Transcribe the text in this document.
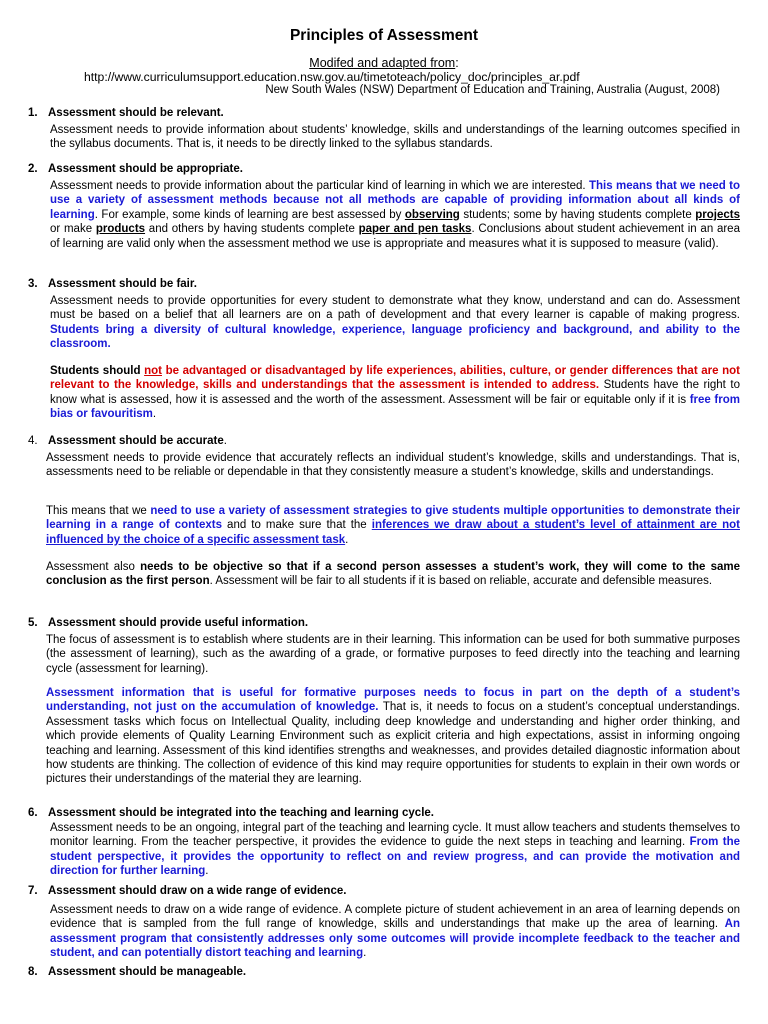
Principles of Assessment
Modifed and adapted from:
http://www.curriculumsupport.education.nsw.gov.au/timetoteach/policy_doc/principles_ar.pdf
New South Wales (NSW) Department of Education and Training, Australia (August, 2008)
1. Assessment should be relevant.
Assessment needs to provide information about students’ knowledge, skills and understandings of the learning outcomes specified in the syllabus documents. That is, it needs to be directly linked to the syllabus standards.
2. Assessment should be appropriate.
Assessment needs to provide information about the particular kind of learning in which we are interested. This means that we need to use a variety of assessment methods because not all methods are capable of providing information about all kinds of learning. For example, some kinds of learning are best assessed by observing students; some by having students complete projects or make products and others by having students complete paper and pen tasks. Conclusions about student achievement in an area of learning are valid only when the assessment method we use is appropriate and measures what it is supposed to measure (valid).
3. Assessment should be fair.
Assessment needs to provide opportunities for every student to demonstrate what they know, understand and can do. Assessment must be based on a belief that all learners are on a path of development and that every learner is capable of making progress. Students bring a diversity of cultural knowledge, experience, language proficiency and background, and ability to the classroom.
Students should not be advantaged or disadvantaged by life experiences, abilities, culture, or gender differences that are not relevant to the knowledge, skills and understandings that the assessment is intended to address. Students have the right to know what is assessed, how it is assessed and the worth of the assessment. Assessment will be fair or equitable only if it is free from bias or favouritism.
4. Assessment should be accurate.
Assessment needs to provide evidence that accurately reflects an individual student’s knowledge, skills and understandings. That is, assessments need to be reliable or dependable in that they consistently measure a student’s knowledge, skills and understandings.
This means that we need to use a variety of assessment strategies to give students multiple opportunities to demonstrate their learning in a range of contexts and to make sure that the inferences we draw about a student’s level of attainment are not influenced by the choice of a specific assessment task.
Assessment also needs to be objective so that if a second person assesses a student’s work, they will come to the same conclusion as the first person. Assessment will be fair to all students if it is based on reliable, accurate and defensible measures.
5. Assessment should provide useful information.
The focus of assessment is to establish where students are in their learning. This information can be used for both summative purposes (the assessment of learning), such as the awarding of a grade, or formative purposes to feed directly into the teaching and learning cycle (assessment for learning).
Assessment information that is useful for formative purposes needs to focus in part on the depth of a student’s understanding, not just on the accumulation of knowledge. That is, it needs to focus on a student’s conceptual understandings. Assessment tasks which focus on Intellectual Quality, including deep knowledge and understanding and higher order thinking, and which provide elements of Quality Learning Environment such as explicit criteria and high expectations, assist in informing ongoing teaching and learning. Assessment of this kind identifies strengths and weaknesses, and provides detailed diagnostic information about how students are thinking. The collection of evidence of this kind may require opportunities for students to explain in their own words or pictures their understandings of the material they are learning.
6. Assessment should be integrated into the teaching and learning cycle.
Assessment needs to be an ongoing, integral part of the teaching and learning cycle. It must allow teachers and students themselves to monitor learning. From the teacher perspective, it provides the evidence to guide the next steps in teaching and learning. From the student perspective, it provides the opportunity to reflect on and review progress, and can provide the motivation and direction for further learning.
7. Assessment should draw on a wide range of evidence.
Assessment needs to draw on a wide range of evidence. A complete picture of student achievement in an area of learning depends on evidence that is sampled from the full range of knowledge, skills and understandings that make up the area of learning. An assessment program that consistently addresses only some outcomes will provide incomplete feedback to the teacher and student, and can potentially distort teaching and learning.
8. Assessment should be manageable.
